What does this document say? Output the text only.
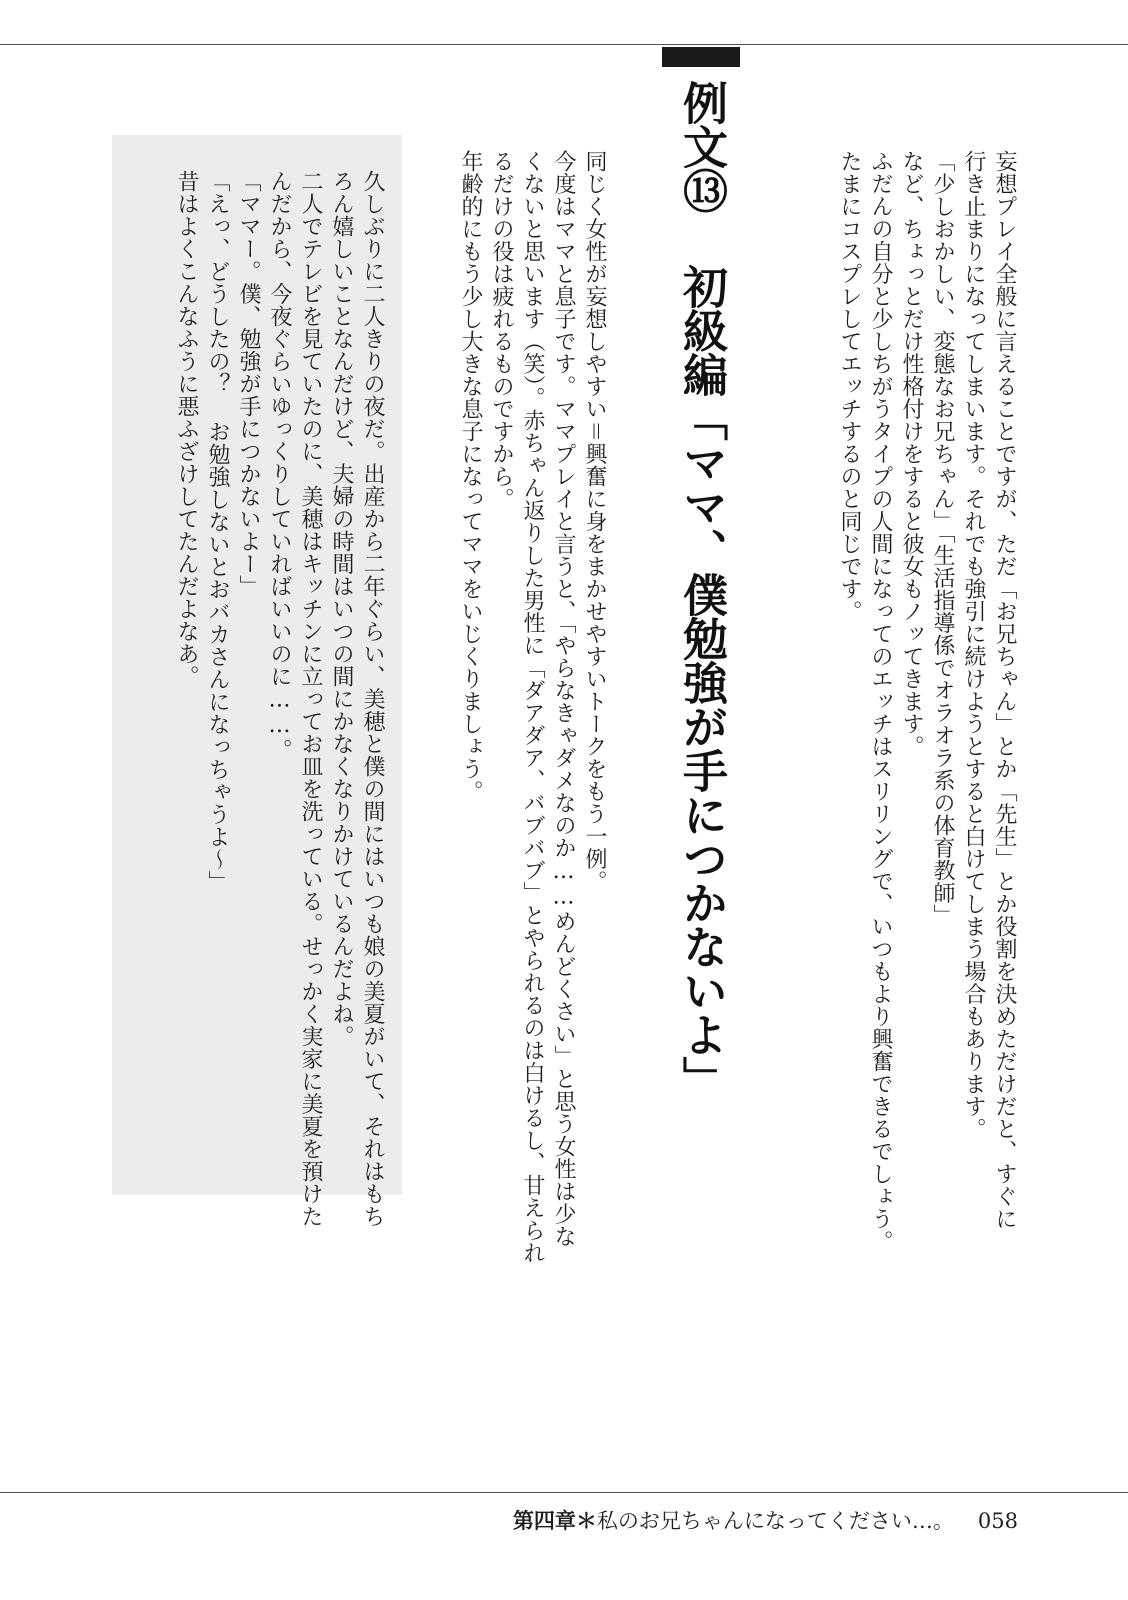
妄想プレイ全般に言えることですが、ただ「お兄ちゃん」とか「先生」とか役割を決めただけだと、すぐに

行き止まりになってしまいます。それでも強引に続けようとすると白けてしまう場合もあります。

「少しおかしい、変態なお兄ちゃん」「生活指導係でオラオラ系の体育教師」

など、ちょっとだけ性格付けをすると彼女もノッてきます。

ふだんの自分と少しちがうタイプの人間になってのエッチはスリリングで、いつもより興奮できるでしょう。

たまにコスプレしてエッチするのと同じです。

例文⑬ 初級編「ママ、僕勉強が手につかないよ」

同じく女性が妄想しやすい＝興奮に身をまかせやすいトークをもう一例。

今度はママと息子です。ママプレイと言うと、「やらなきゃダメなのか……めんどくさい」と思う女性は少な

くないと思います（笑）。赤ちゃん返りした男性に「ダアダア、バブバブ」とやられるのは白けるし、甘えられ

るだけの役は疲れるものですから。

年齢的にもう少し大きな息子になってママをいじくりましょう。

久しぶりに二人きりの夜だ。出産から二年ぐらい、美穂と僕の間にはいつも娘の美夏がいて、それはもち

ろん嬉しいことなんだけど、夫婦の時間はいつの間にかなくなりかけているんだよね。

二人でテレビを見ていたのに、美穂はキッチンに立ってお皿を洗っている。せっかく実家に美夏を預けた

んだから、今夜ぐらいゆっくりしていればいいのに……。

「ママー。僕、勉強が手につかないよー」

「えっ、どうしたの？ お勉強しないとおバカさんになっちゃうよ～」

昔はよくこんなふうに悪ふざけしてたんだよなあ。

第四章＊私のお兄ちゃんになってください…。 058
